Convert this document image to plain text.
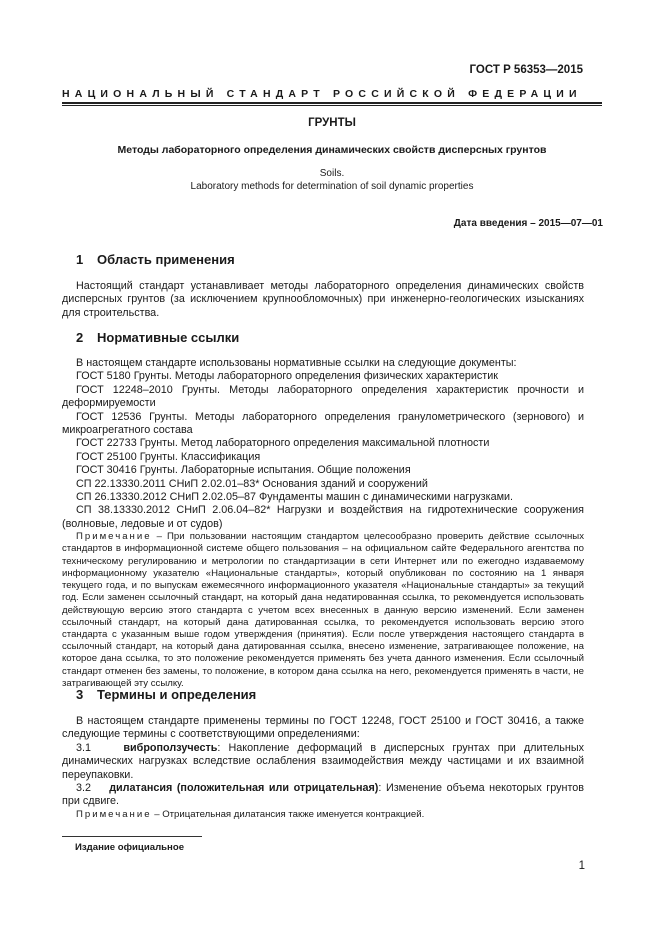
ГОСТ Р 56353—2015
НАЦИОНАЛЬНЫЙ СТАНДАРТ РОССИЙСКОЙ ФЕДЕРАЦИИ
ГРУНТЫ
Методы лабораторного определения динамических свойств дисперсных грунтов
Soils.
Laboratory methods for determination of soil dynamic properties
Дата введения – 2015—07—01
1 Область применения

Настоящий стандарт устанавливает методы лабораторного определения динамических свойств дисперсных грунтов (за исключением крупнообломочных) при инженерно-геологических изысканиях для строительства.

2 Нормативные ссылки

В настоящем стандарте использованы нормативные ссылки на следующие документы:

ГОСТ 5180 Грунты. Методы лабораторного определения физических характеристик

ГОСТ 12248–2010 Грунты. Методы лабораторного определения характеристик прочности и деформируемости

ГОСТ 12536 Грунты. Методы лабораторного определения гранулометрического (зернового) и микроагрегатного состава

ГОСТ 22733 Грунты. Метод лабораторного определения максимальной плотности

ГОСТ 25100 Грунты. Классификация

ГОСТ 30416 Грунты. Лабораторные испытания. Общие положения

СП 22.13330.2011 СНиП 2.02.01–83* Основания зданий и сооружений

СП 26.13330.2012 СНиП 2.02.05–87 Фундаменты машин с динамическими нагрузками.

СП 38.13330.2012 СНиП 2.06.04–82* Нагрузки и воздействия на гидротехнические сооружения (волновые, ледовые и от судов)

Примечание – При пользовании настоящим стандартом целесообразно проверить действие ссылочных стандартов в информационной системе общего пользования – на официальном сайте Федерального агентства по техническому регулированию и метрологии по стандартизации в сети Интернет или по ежегодно издаваемому информационному указателю «Национальные стандарты», который опубликован по состоянию на 1 января текущего года, и по выпускам ежемесячного информационного указателя «Национальные стандарты» за текущий год. Если заменен ссылочный стандарт, на который дана недатированная ссылка, то рекомендуется использовать действующую версию этого стандарта с учетом всех внесенных в данную версию изменений. Если заменен ссылочный стандарт, на который дана датированная ссылка, то рекомендуется использовать версию этого стандарта с указанным выше годом утверждения (принятия). Если после утверждения настоящего стандарта в ссылочный стандарт, на который дана датированная ссылка, внесено изменение, затрагивающее положение, на которое дана ссылка, то это положение рекомендуется применять без учета данного изменения. Если ссылочный стандарт отменен без замены, то положение, в котором дана ссылка на него, рекомендуется применять в части, не затрагивающей эту ссылку.

3 Термины и определения

В настоящем стандарте применены термины по ГОСТ 12248, ГОСТ 25100 и ГОСТ 30416, а также следующие термины с соответствующими определениями:

3.1	виброползучесть: Накопление деформаций в дисперсных грунтах при длительных динамических нагрузках вследствие ослабления взаимодействия между частицами и их взаимной переупаковки.

3.2 дилатансия (положительная или отрицательная): Изменение объема некоторых грунтов при сдвиге.

Примечание – Отрицательная дилатансия также именуется контракцией.

Издание официальное
1
